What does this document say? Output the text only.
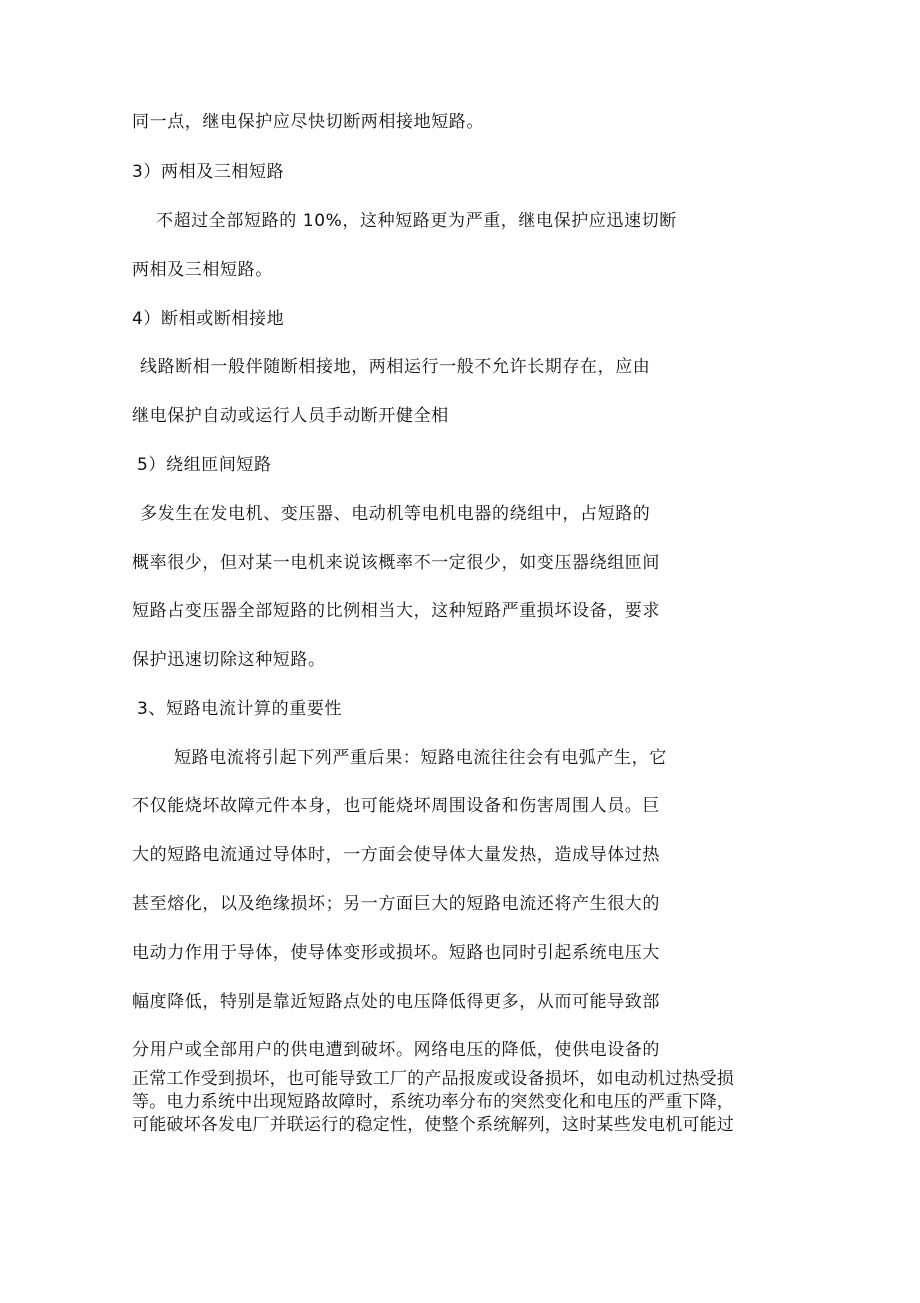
同一点，继电保护应尽快切断两相接地短路。
3）两相及三相短路
不超过全部短路的 10%，这种短路更为严重，继电保护应迅速切断
两相及三相短路。
4）断相或断相接地
线路断相一般伴随断相接地，两相运行一般不允许长期存在，应由
继电保护自动或运行人员手动断开健全相
5）绕组匝间短路
多发生在发电机、变压器、电动机等电机电器的绕组中，占短路的
概率很少，但对某一电机来说该概率不一定很少，如变压器绕组匝间
短路占变压器全部短路的比例相当大，这种短路严重损坏设备，要求
保护迅速切除这种短路。
3、短路电流计算的重要性
短路电流将引起下列严重后果：短路电流往往会有电弧产生，它
不仅能烧坏故障元件本身，也可能烧坏周围设备和伤害周围人员。巨
大的短路电流通过导体时，一方面会使导体大量发热，造成导体过热
甚至熔化，以及绝缘损坏；另一方面巨大的短路电流还将产生很大的
电动力作用于导体，使导体变形或损坏。短路也同时引起系统电压大
幅度降低，特别是靠近短路点处的电压降低得更多，从而可能导致部
分用户或全部用户的供电遭到破坏。网络电压的降低，使供电设备的
正常工作受到损坏，也可能导致工厂的产品报废或设备损坏，如电动机过热受损
等。电力系统中出现短路故障时，系统功率分布的突然变化和电压的严重下降，
可能破坏各发电厂并联运行的稳定性，使整个系统解列，这时某些发电机可能过
